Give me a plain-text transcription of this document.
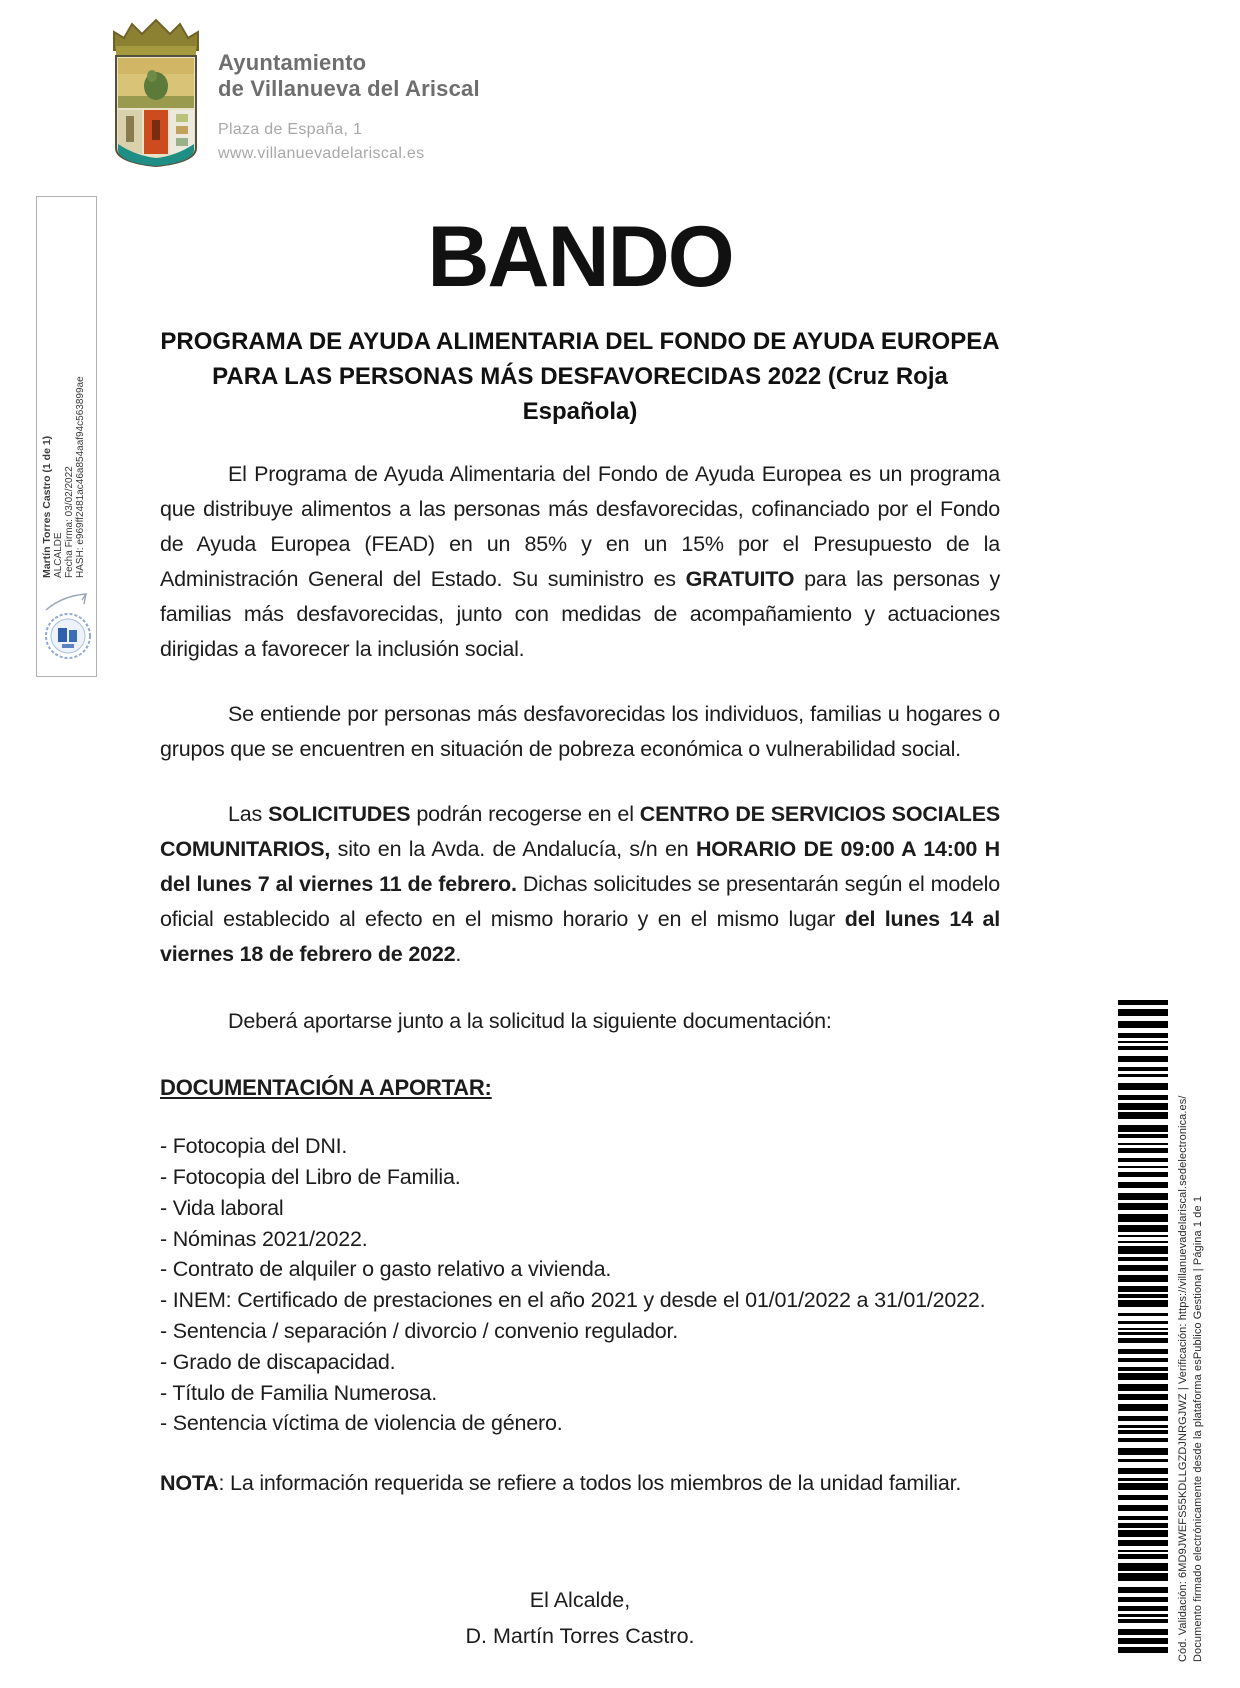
Ayuntamiento
de Villanueva del Ariscal
Plaza de España, 1
www.villanuevadelariscal.es
Martín Torres Castro (1 de 1) ALCALDE Fecha Firma: 03/02/2022 HASH: e969ff2481ac46a854aaf94c563899ae
BANDO
PROGRAMA DE AYUDA ALIMENTARIA DEL FONDO DE AYUDA EUROPEA
PARA LAS PERSONAS MÁS DESFAVORECIDAS 2022 (Cruz Roja Española)

El Programa de Ayuda Alimentaria del Fondo de Ayuda Europea es un programa que distribuye alimentos a las personas más desfavorecidas, cofinanciado por el Fondo de Ayuda Europea (FEAD) en un 85% y en un 15% por el Presupuesto de la Administración General del Estado. Su suministro es GRATUITO para las personas y familias más desfavorecidas, junto con medidas de acompañamiento y actuaciones dirigidas a favorecer la inclusión social.

Se entiende por personas más desfavorecidas los individuos, familias u hogares o grupos que se encuentren en situación de pobreza económica o vulnerabilidad social.

Las SOLICITUDES podrán recogerse en el CENTRO DE SERVICIOS SOCIALES COMUNITARIOS, sito en la Avda. de Andalucía, s/n en HORARIO DE 09:00 A 14:00 H del lunes 7 al viernes 11 de febrero. Dichas solicitudes se presentarán según el modelo oficial establecido al efecto en el mismo horario y en el mismo lugar del lunes 14 al viernes 18 de febrero de 2022.

Deberá aportarse junto a la solicitud la siguiente documentación:

DOCUMENTACIÓN A APORTAR:
- Fotocopia del DNI.
- Fotocopia del Libro de Familia.
- Vida laboral
- Nóminas 2021/2022.
- Contrato de alquiler o gasto relativo a vivienda.
- INEM: Certificado de prestaciones en el año 2021 y desde el 01/01/2022 a 31/01/2022.
- Sentencia / separación / divorcio / convenio regulador.
- Grado de discapacidad.
- Título de Familia Numerosa.
- Sentencia víctima de violencia de género.
NOTA: La información requerida se refiere a todos los miembros de la unidad familiar.
El Alcalde,
D. Martín Torres Castro.	Cód. Validación: 6MD9JWEFS55KDLLGZDJNRGJWZ | Verificación: https://villanuevadelariscal.sedelectronica.es/ Documento firmado electrónicamente desde la plataforma esPublico Gestiona | Página 1 de 1
